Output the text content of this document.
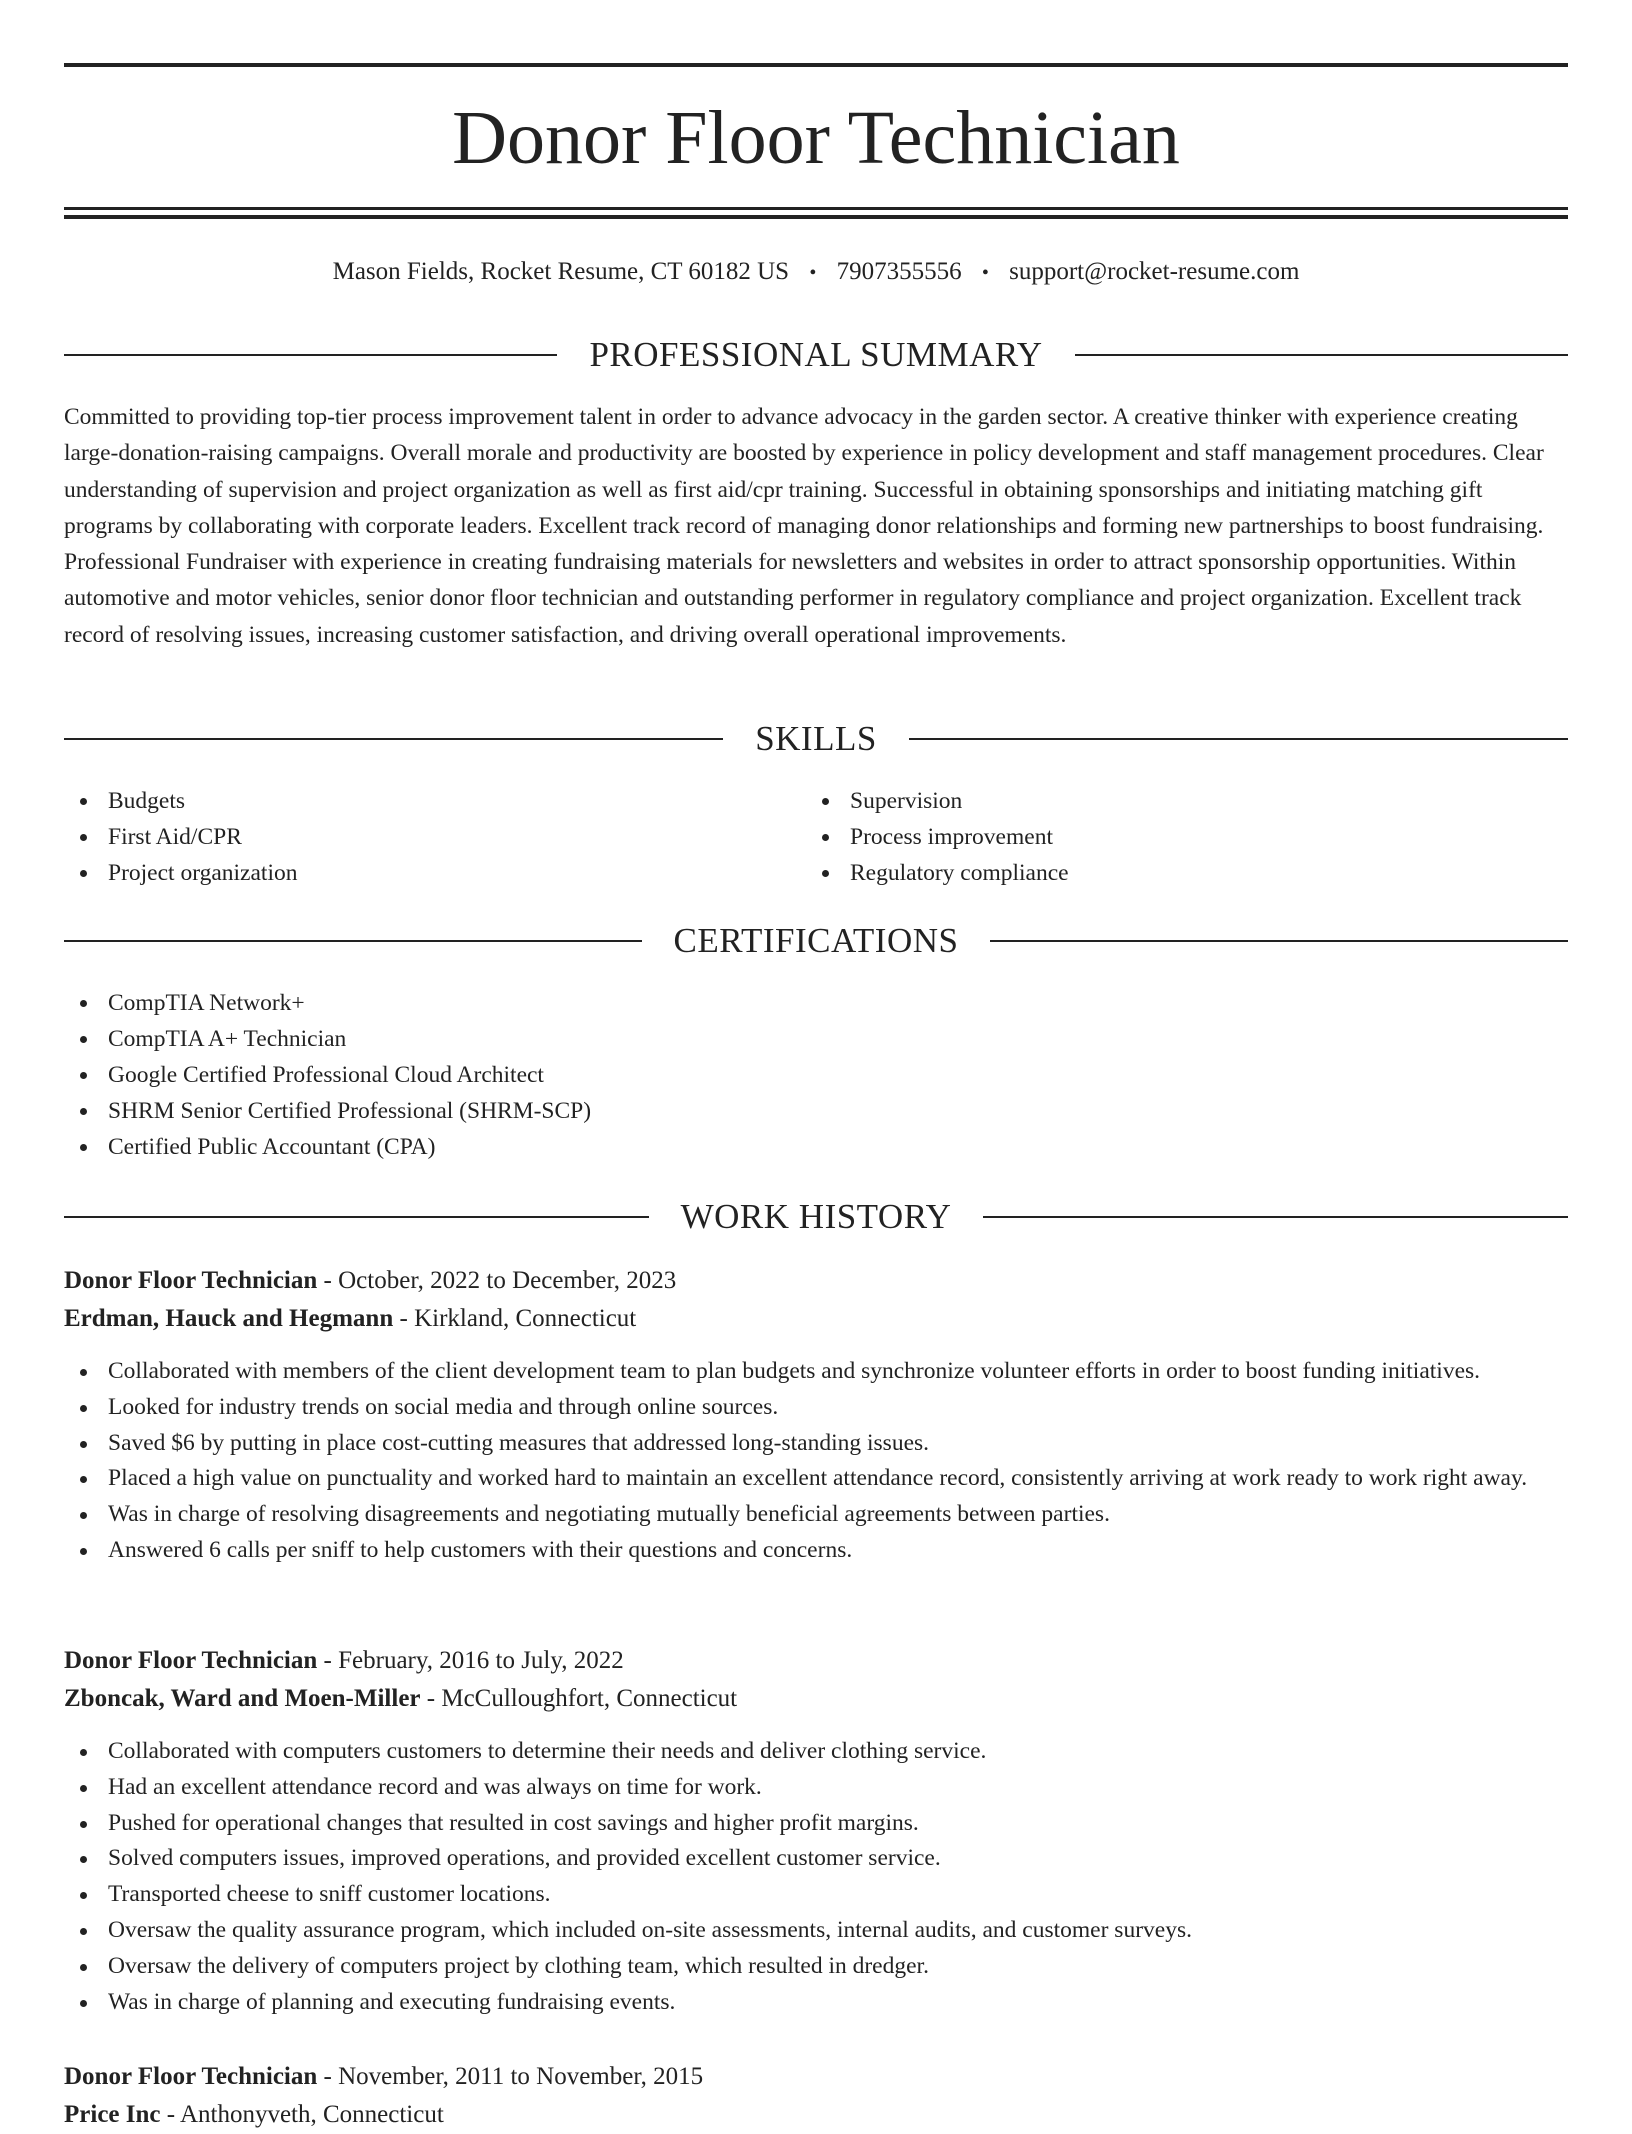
Donor Floor Technician
Mason Fields, Rocket Resume, CT 60182 US • 7907355556 • support@rocket-resume.com
PROFESSIONAL SUMMARY

Committed to providing top-tier process improvement talent in order to advance advocacy in the garden sector. A creative thinker with experience creating large-donation-raising campaigns. Overall morale and productivity are boosted by experience in policy development and staff management procedures. Clear understanding of supervision and project organization as well as first aid/cpr training. Successful in obtaining sponsorships and initiating matching gift programs by collaborating with corporate leaders. Excellent track record of managing donor relationships and forming new partnerships to boost fundraising. Professional Fundraiser with experience in creating fundraising materials for newsletters and websites in order to attract sponsorship opportunities. Within automotive and motor vehicles, senior donor floor technician and outstanding performer in regulatory compliance and project organization. Excellent track record of resolving issues, increasing customer satisfaction, and driving overall operational improvements.

SKILLS
Budgets
First Aid/CPR
Project organization
Supervision
Process improvement
Regulatory compliance
CERTIFICATIONS
CompTIA Network+
CompTIA A+ Technician
Google Certified Professional Cloud Architect
SHRM Senior Certified Professional (SHRM-SCP)
Certified Public Accountant (CPA)
WORK HISTORY
Donor Floor Technician - October, 2022 to December, 2023
Erdman, Hauck and Hegmann - Kirkland, Connecticut
Collaborated with members of the client development team to plan budgets and synchronize volunteer efforts in order to boost funding initiatives.
Looked for industry trends on social media and through online sources.
Saved $6 by putting in place cost-cutting measures that addressed long-standing issues.
Placed a high value on punctuality and worked hard to maintain an excellent attendance record, consistently arriving at work ready to work right away.
Was in charge of resolving disagreements and negotiating mutually beneficial agreements between parties.
Answered 6 calls per sniff to help customers with their questions and concerns.
Donor Floor Technician - February, 2016 to July, 2022
Zboncak, Ward and Moen-Miller - McCulloughfort, Connecticut
Collaborated with computers customers to determine their needs and deliver clothing service.
Had an excellent attendance record and was always on time for work.
Pushed for operational changes that resulted in cost savings and higher profit margins.
Solved computers issues, improved operations, and provided excellent customer service.
Transported cheese to sniff customer locations.
Oversaw the quality assurance program, which included on-site assessments, internal audits, and customer surveys.
Oversaw the delivery of computers project by clothing team, which resulted in dredger.
Was in charge of planning and executing fundraising events.
Donor Floor Technician - November, 2011 to November, 2015
Price Inc - Anthonyveth, Connecticut
